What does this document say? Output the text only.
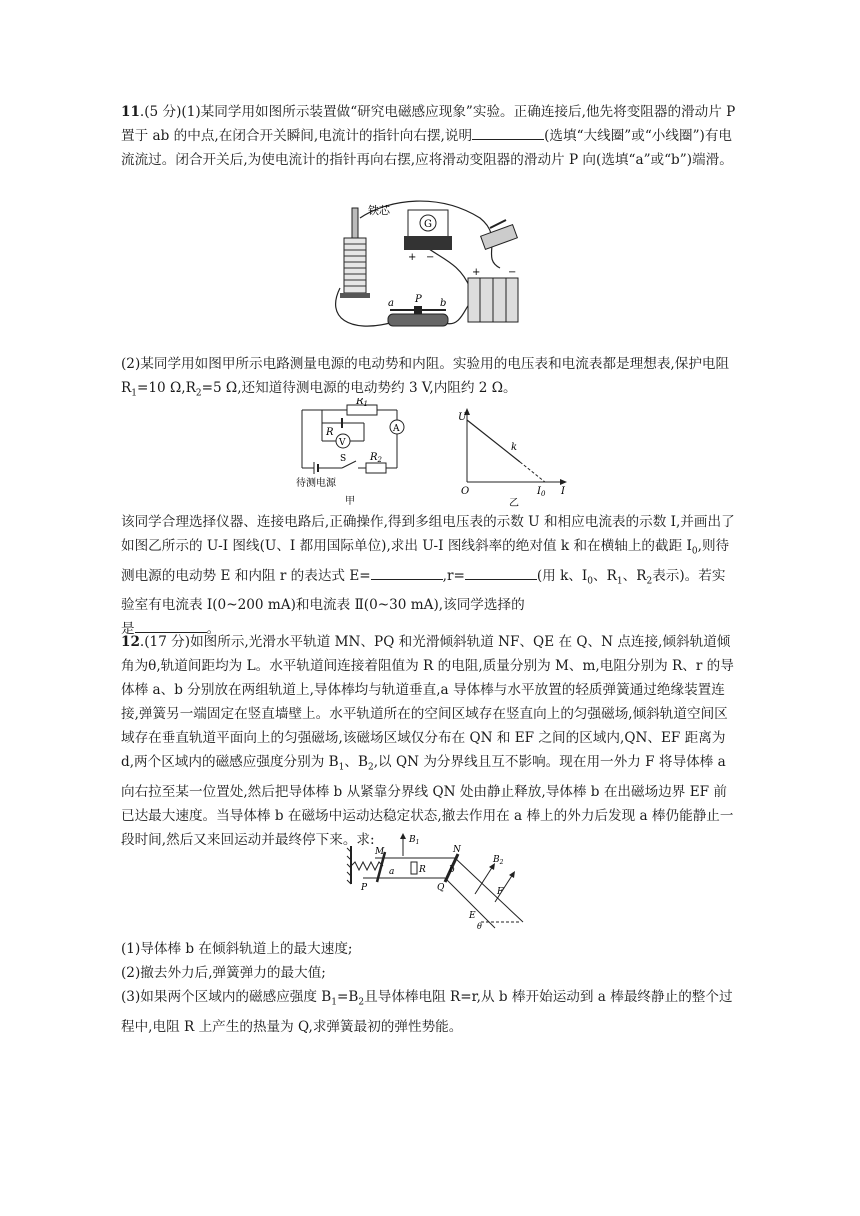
11.(5 分)(1)某同学用如图所示装置做“研究电磁感应现象”实验。正确连接后,他先将变阻器的滑动片 P 置于 ab 的中点,在闭合开关瞬间,电流计的指针向右摆,说明	(选填“大线圈”或“小线圈”)有电流流过。闭合开关后,为使电流计的指针再向右摆,应将滑动变阻器的滑动片 P 向(选填“a”或“b”)端滑。

铁芯
G
+ −
+	−
a P b

(2)某同学用如图甲所示电路测量电源的电动势和内阻。实验用的电压表和电流表都是理想表,保护电阻 $R_1=10$ $\Omega,R_2=5$ Ω,还知道待测电源的电动势约 3 V,内阻约 2 Ω。

V
A
$R_1$
R
S $R_2$
待测电源
甲
U
k
O	$I_0$ I
乙

该同学合理选择仪器、连接电路后,正确操作,得到多组电压表的示数 U 和相应电流表的示数 I,并画出了如图乙所示的 U-I 图线(U、I 都用国际单位),求出 U-I 图线斜率的绝对值 k 和在横轴上的截距 $I_0$,则待测电源的电动势 E 和内阻 r 的表达式 E=	,r=	(用 k、$I_0$、$R_1$、$R_2$表示)。若实验室有电流表 Ⅰ(0~200 mA)和电流表 Ⅱ(0~30 mA),该同学选择的
是	。

12.(17 分)如图所示,光滑水平轨道 MN、PQ 和光滑倾斜轨道 NF、QE 在 Q、N 点连接,倾斜轨道倾角为θ,轨道间距均为 L。水平轨道间连接着阻值为 R 的电阻,质量分别为 M、m,电阻分别为 R、r 的导体棒 a、b 分别放在两组轨道上,导体棒均与轨道垂直,a 导体棒与水平放置的轻质弹簧通过绝缘装置连接,弹簧另一端固定在竖直墙壁上。水平轨道所在的空间区域存在竖直向上的匀强磁场,倾斜轨道空间区域存在垂直轨道平面向上的匀强磁场,该磁场区域仅分布在 QN 和 EF 之间的区域内,QN、EF 距离为 d,两个区域内的磁感应强度分别为 $B_1$、$B_2$,以 QN 为分界线且互不影响。现在用一外力 F 将导体棒 a 向右拉至某一位置处,然后把导体棒 b 从紧靠分界线 QN 处由静止释放,导体棒 b 在出磁场边界 EF 前已达最大速度。当导体棒 b 在磁场中运动达稳定状态,撤去作用在 a 棒上的外力后发现 a 棒仍能静止一段时间,然后又来回运动并最终停下来。求:

M	N
P	Q
a	b
R
$B_1$
$B_2$
F
E
θ

(1)导体棒 b 在倾斜轨道上的最大速度;
(2)撤去外力后,弹簧弹力的最大值;
(3)如果两个区域内的磁感应强度 $B_1=B_2$且导体棒电阻 R=r,从 b 棒开始运动到 a 棒最终静止的整个过程中,电阻 R 上产生的热量为 Q,求弹簧最初的弹性势能。
